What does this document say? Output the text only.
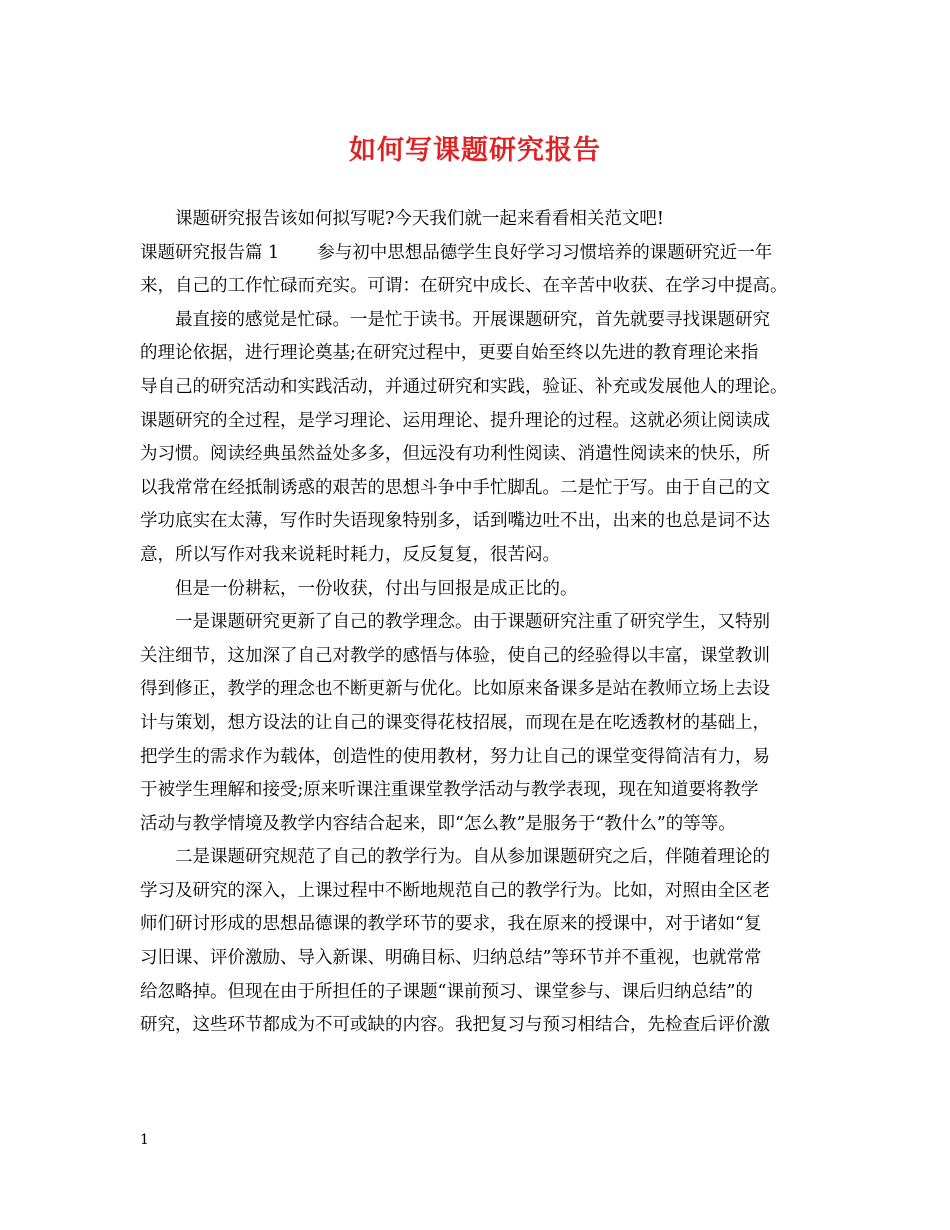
如何写课题研究报告
课题研究报告该如何拟写呢?今天我们就一起来看看相关范文吧!
课题研究报告篇 1 参与初中思想品德学生良好学习习惯培养的课题研究近一年
来，自己的工作忙碌而充实。可谓：在研究中成长、在辛苦中收获、在学习中提高。
最直接的感觉是忙碌。一是忙于读书。开展课题研究，首先就要寻找课题研究
的理论依据，进行理论奠基;在研究过程中，更要自始至终以先进的教育理论来指
导自己的研究活动和实践活动，并通过研究和实践，验证、补充或发展他人的理论。
课题研究的全过程，是学习理论、运用理论、提升理论的过程。这就必须让阅读成
为习惯。阅读经典虽然益处多多，但远没有功利性阅读、消遣性阅读来的快乐，所
以我常常在经抵制诱惑的艰苦的思想斗争中手忙脚乱。二是忙于写。由于自己的文
学功底实在太薄，写作时失语现象特别多，话到嘴边吐不出，出来的也总是词不达
意，所以写作对我来说耗时耗力，反反复复，很苦闷。
但是一份耕耘，一份收获，付出与回报是成正比的。
一是课题研究更新了自己的教学理念。由于课题研究注重了研究学生，又特别
关注细节，这加深了自己对教学的感悟与体验，使自己的经验得以丰富，课堂教训
得到修正，教学的理念也不断更新与优化。比如原来备课多是站在教师立场上去设
计与策划，想方设法的让自己的课变得花枝招展，而现在是在吃透教材的基础上，
把学生的需求作为载体，创造性的使用教材，努力让自己的课堂变得简洁有力，易
于被学生理解和接受;原来听课注重课堂教学活动与教学表现，现在知道要将教学
活动与教学情境及教学内容结合起来，即“怎么教”是服务于“教什么”的等等。
二是课题研究规范了自己的教学行为。自从参加课题研究之后，伴随着理论的
学习及研究的深入，上课过程中不断地规范自己的教学行为。比如，对照由全区老
师们研讨形成的思想品德课的教学环节的要求，我在原来的授课中，对于诸如“复
习旧课、评价激励、导入新课、明确目标、归纳总结”等环节并不重视，也就常常
给忽略掉。但现在由于所担任的子课题“课前预习、课堂参与、课后归纳总结”的
研究，这些环节都成为不可或缺的内容。我把复习与预习相结合，先检查后评价激
1
